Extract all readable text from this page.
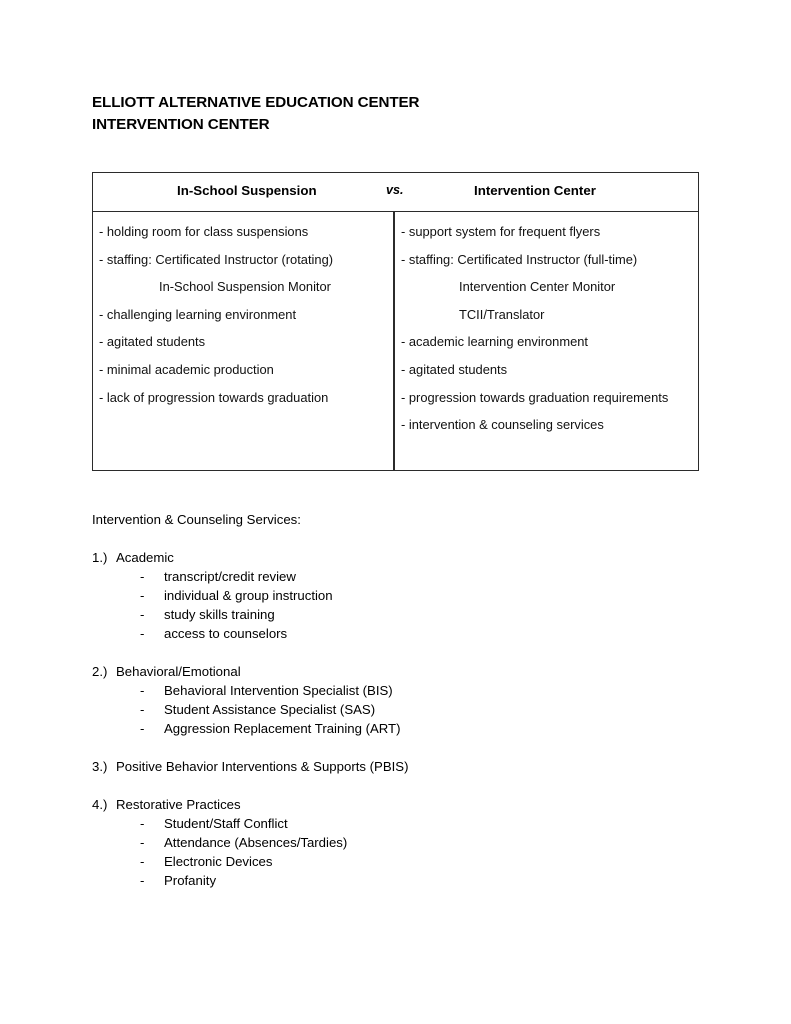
ELLIOTT ALTERNATIVE EDUCATION CENTER
INTERVENTION CENTER
In-School Suspension	vs.	Intervention Center
- holding room for class suspensions
- staffing: Certificated Instructor (rotating)
In-School Suspension Monitor
- challenging learning environment
- agitated students
- minimal academic production
- lack of progression towards graduation
- support system for frequent flyers
- staffing: Certificated Instructor (full-time)
Intervention Center Monitor
TCII/Translator
- academic learning environment
- agitated students
- progression towards graduation requirements
- intervention & counseling services
Intervention & Counseling Services:
1.) Academic
- transcript/credit review
- individual & group instruction
- study skills training
- access to counselors
2.) Behavioral/Emotional
- Behavioral Intervention Specialist (BIS)
- Student Assistance Specialist (SAS)
- Aggression Replacement Training (ART)
3.) Positive Behavior Interventions & Supports (PBIS)
4.) Restorative Practices
- Student/Staff Conflict
- Attendance (Absences/Tardies)
- Electronic Devices
- Profanity
